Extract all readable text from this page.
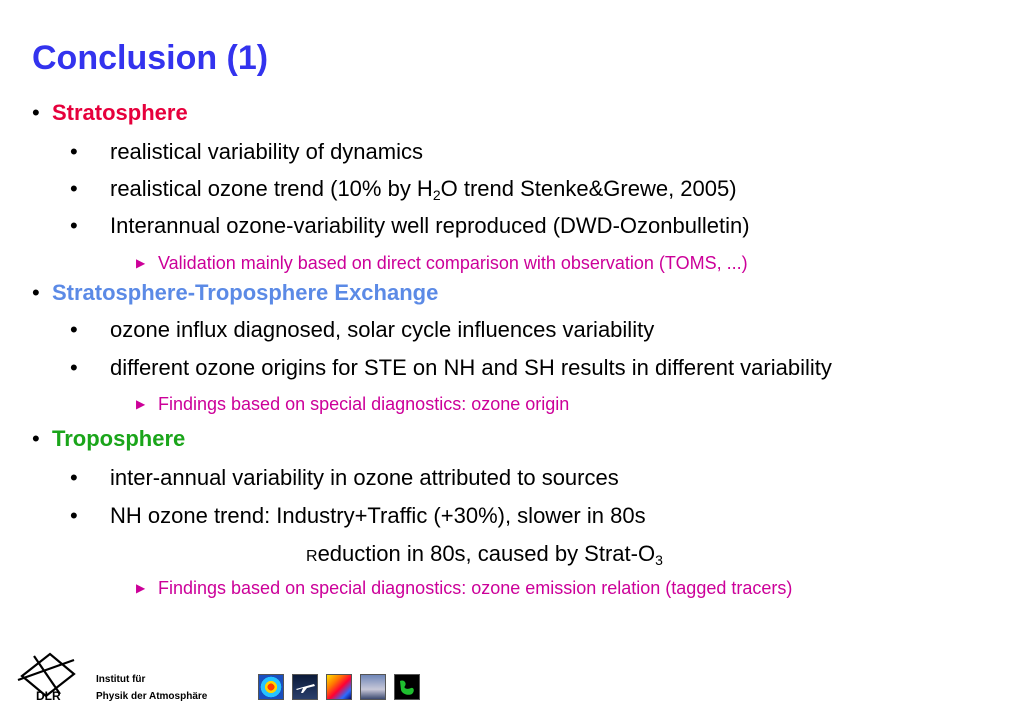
Conclusion (1)
• Stratosphere
• realistical variability of dynamics
• realistical ozone trend (10% by $H_2O$ trend Stenke&Grewe, 2005)
• Interannual ozone-variability well reproduced (DWD-Ozonbulletin)
▶ Validation mainly based on direct comparison with observation (TOMS, ...)
• Stratosphere-Troposphere Exchange
• ozone influx diagnosed, solar cycle influences variability
• different ozone origins for STE on NH and SH results in different variability
▶ Findings based on special diagnostics: ozone origin
• Troposphere
• inter-annual variability in ozone attributed to sources
• NH ozone trend: Industry+Traffic (+30%), slower in 80s
Reduction in 80s, caused by Strat-$O_3$
▶ Findings based on special diagnostics: ozone emission relation (tagged tracers)
DLR
Institut für
Physik der Atmosphäre
